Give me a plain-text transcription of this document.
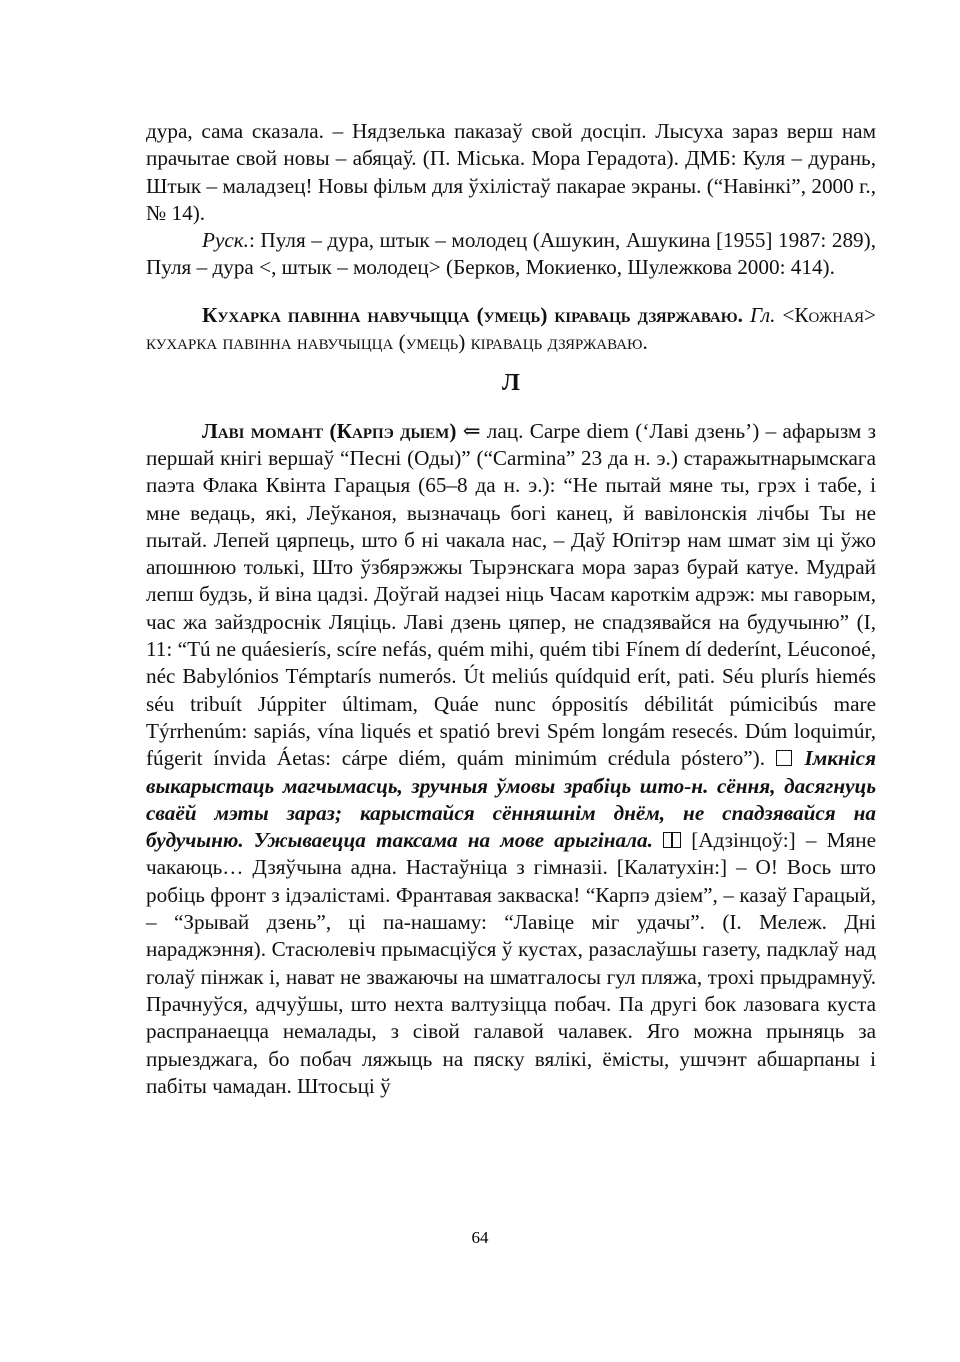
дура, сама сказала. – Нядзелька паказаў свой досціп. Лысуха зараз верш нам прачытае свой новы – абяцаў. (П. Міська. Мора Герадота). ДМБ: Куля – дурань, Штык – маладзец! Новы фільм для ўхілістаў пакарае экраны. (“Навінкі”, 2000 г., № 14).

Руск.: Пуля – дура, штык – молодец (Ашукин, Ашукина [1955] 1987: 289), Пуля – дура <, штык – молодец> (Берков, Мокиенко, Шулежкова 2000: 414).

Кухарка павінна навучыцца (умець) кіраваць дзяржаваю. Гл. <Кожная> кухарка павінна навучыцца (умець) кіраваць дзяржаваю.

Л

Лаві момант (Карпэ дыем) ⇐ лац. Carpe diem (‘Лаві дзень’) – афарызм з першай кнігі вершаў “Песні (Оды)” (“Carmina” 23 да н. э.) старажытнарымскага паэта Флака Квінта Гарацыя (65–8 да н. э.): “Не пытай мяне ты, грэх і табе, і мне ведаць, які, Леўканоя, вызначаць богі канец, й вавілонскія лічбы Ты не пытай. Лепей цярпець, што б ні чакала нас, – Даў Юпітэр нам шмат зім ці ўжо апошнюю толькі, Што ўзбярэжжы Тырэнскага мора зараз бурай катуе. Мудрай лепш будзь, й віна цадзі. Доўгай надзеі ніць Часам кароткім адрэж: мы гаворым, час жа зайздроснік Ляціць. Лаві дзень цяпер, не спадзявайся на будучыню” (I, 11: “Tú ne quáesierís, scíre nefás, quém mihi, quém tibi Fínem dí dederínt, Léuconoé, néc Babylónios Témptarís numerós. Út meliús quídquid erít, pati. Séu plurís hiemés séu tribuít Júppiter últimam, Quáe nunc óppositís débilitát púmicibús mare Týrrhenúm: sapiás, vína liqués et spatió brevi Spém longám resecés. Dúm loquimúr, fúgerit ínvida Áetas: cárpe diém, quám minimúm crédula póstero”).  Імкніся выкарыстаць магчымасць, зручныя ўмовы зрабіць што-н. сёння, дасягнуць сваёй мэты зараз; карыстайся сённяшнім днём, не спадзявайся на будучыню. Ужываецца таксама на мове арыгінала.  [Адзінцоў:] – Мяне чакаюць… Дзяўчына адна. Настаўніца з гімназіі. [Калатухін:] – О! Вось што робіць фронт з ідэалістамі. Франтавая закваска! “Карпэ дзіем”, – казаў Гарацый, – “Зрывай дзень”, ці па-нашаму: “Лавіце міг удачы”. (І. Мележ. Дні нараджэння). Стасюлевіч прымасціўся ў кустах, разаслаўшы газету, падклаў над голаў пінжак і, нават не зважаючы на шматгалосы гул пляжа, трохі прыдрамнуў. Прачнуўся, адчуўшы, што нехта валтузіцца побач. Па другі бок лазовага куста распранаецца немалады, з сівой галавой чалавек. Яго можна прыняць за прыезджага, бо побач ляжыць на пяску вялікі, ёмісты, ушчэнт абшарпаны і пабіты чамадан. Штосьці ў

64
